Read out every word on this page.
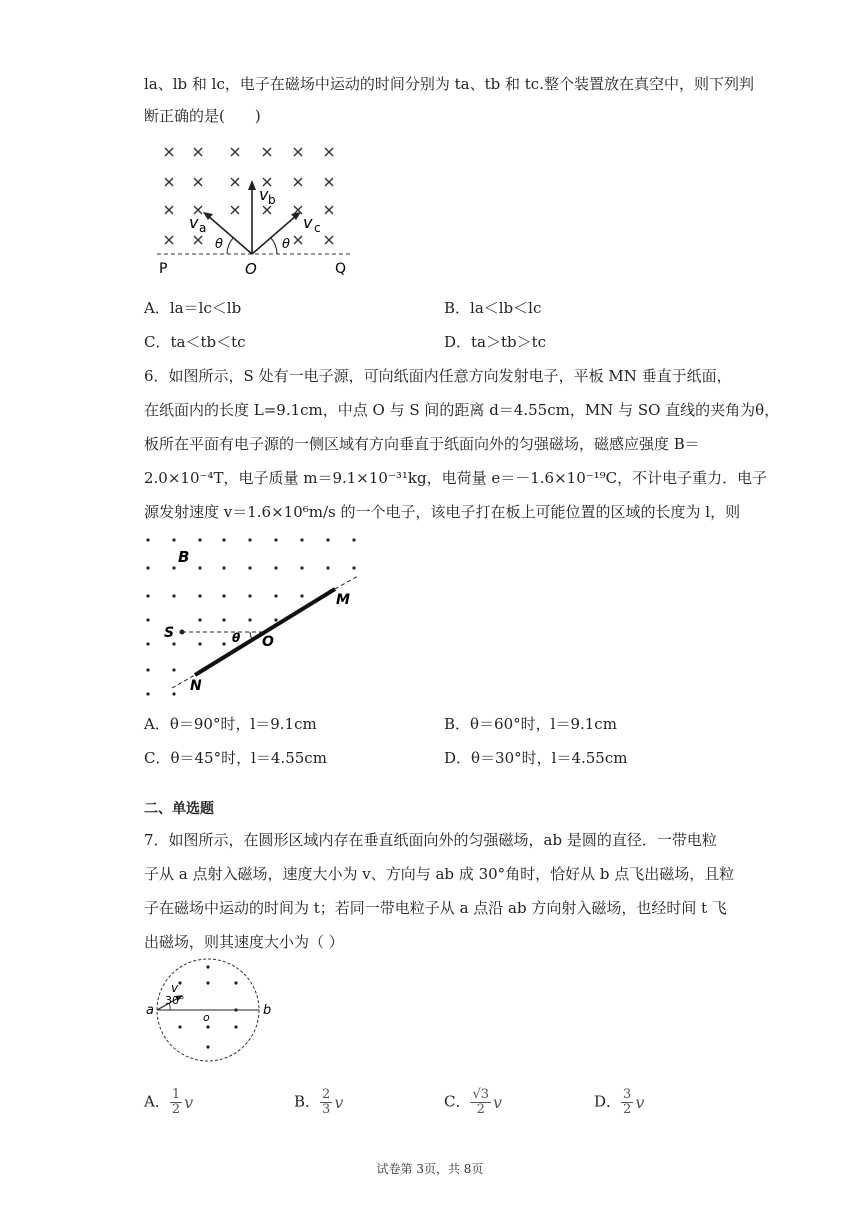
la、lb 和 lc，电子在磁场中运动的时间分别为 ta、tb 和 tc.整个装置放在真空中，则下列判
断正确的是(　　)
v b
v a	v c
θ	θ
P	O	Q
A．la＝lc＜lb	B．la＜lb＜lc
C．ta＜tb＜tc	D．ta＞tb＞tc
6．如图所示，S 处有一电子源，可向纸面内任意方向发射电子，平板 MN 垂直于纸面，
在纸面内的长度 L=9.1cm，中点 O 与 S 间的距离 d＝4.55cm，MN 与 SO 直线的夹角为θ，
板所在平面有电子源的一侧区域有方向垂直于纸面向外的匀强磁场，磁感应强度 B＝
2.0×10⁻⁴T，电子质量 m＝9.1×10⁻³¹kg，电荷量 e＝－1.6×10⁻¹⁹C，不计电子重力．电子
源发射速度 v＝1.6×10⁶m/s 的一个电子，该电子打在板上可能位置的区域的长度为 l，则
B
M
S
O
θ
N
A．θ＝90°时，l＝9.1cm	B．θ＝60°时，l＝9.1cm
C．θ＝45°时，l＝4.55cm	D．θ＝30°时，l＝4.55cm
二、单选题
7．如图所示，在圆形区域内存在垂直纸面向外的匀强磁场，ab 是圆的直径．一带电粒
子从 a 点射入磁场，速度大小为 v、方向与 ab 成 30°角时，恰好从 b 点飞出磁场，且粒
子在磁场中运动的时间为 t；若同一带电粒子从 a 点沿 ab 方向射入磁场，也经时间 t 飞
出磁场，则其速度大小为（ ）
a	b
o
v
30°
A． $\frac{1}{2}$ v	B． $\frac{2}{3}$ v	C． $\frac{√3}{2}$ v	D． $\frac{3}{2}$ v
试卷第 3页，共 8页
